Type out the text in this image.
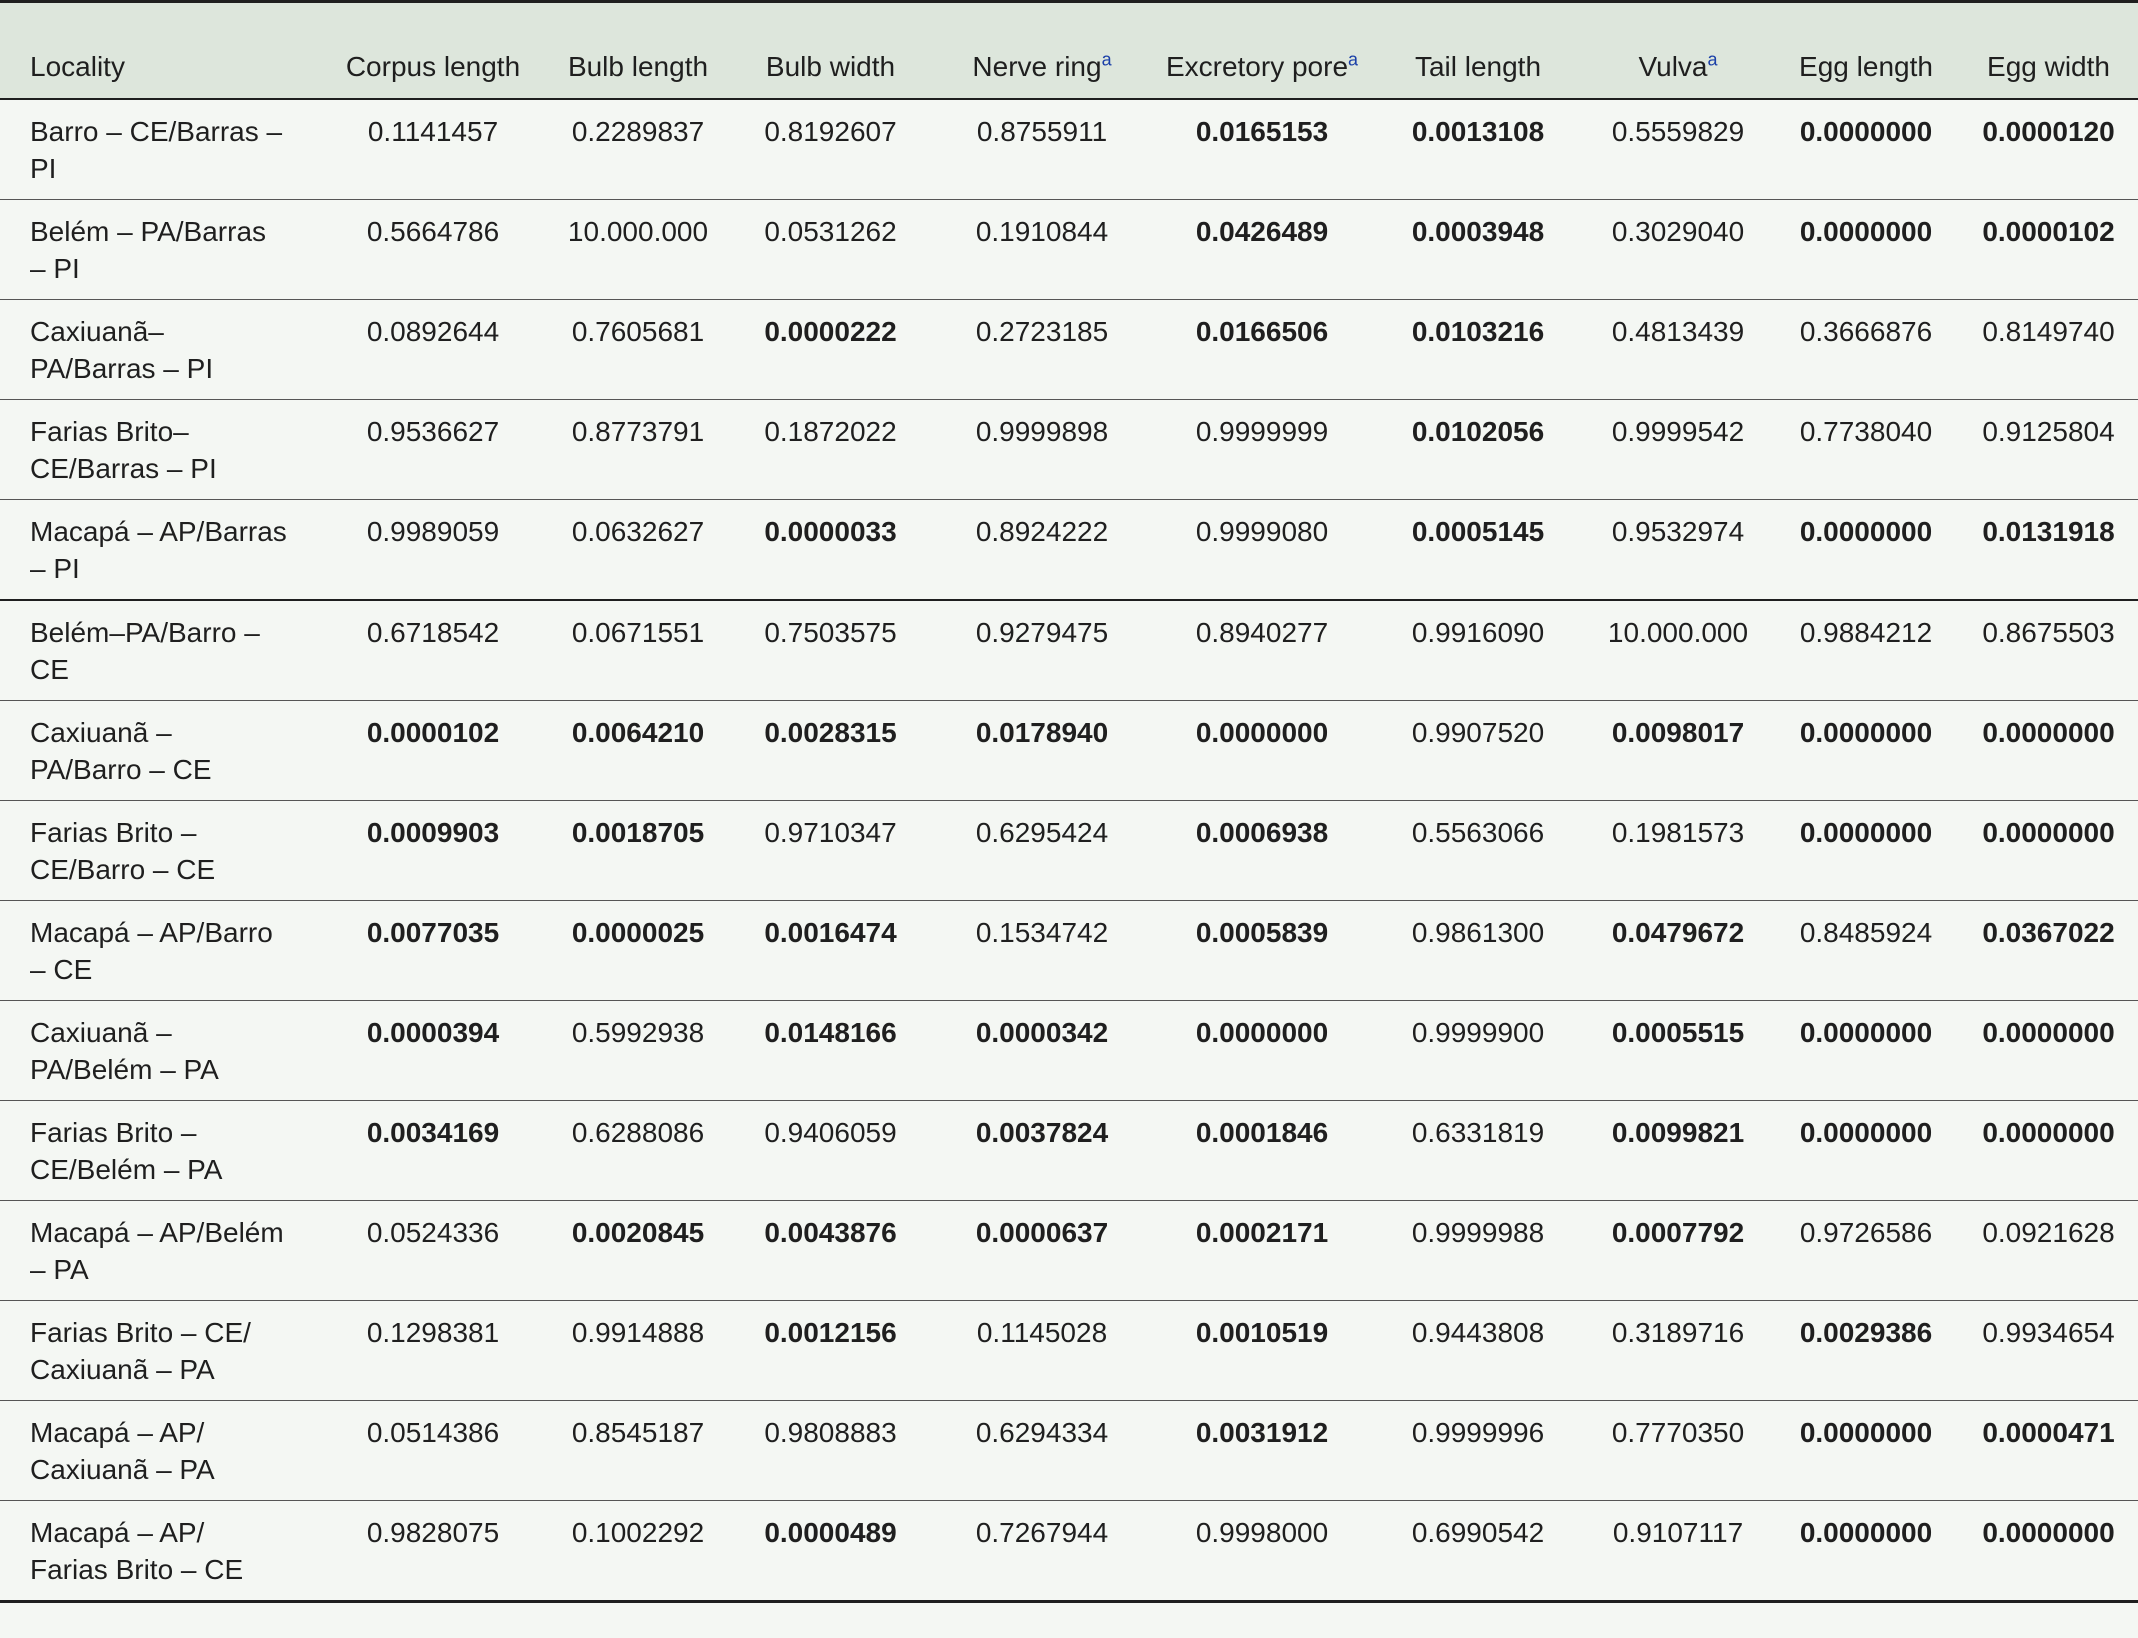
Locality	Corpus length	Bulb length	Bulb width	Nerve ring$^a$	Excretory pore$^a$	Tail length	Vulva$^a$	Egg length	Egg width
Barro – CE/Barras – PI	0.1141457	0.2289837	0.8192607	0.8755911	0.0165153	0.0013108	0.5559829	0.0000000	0.0000120
Belém – PA/Barras – PI	0.5664786	10.000.000	0.0531262	0.1910844	0.0426489	0.0003948	0.3029040	0.0000000	0.0000102
Caxiuanã–PA/Barras – PI	0.0892644	0.7605681	0.0000222	0.2723185	0.0166506	0.0103216	0.4813439	0.3666876	0.8149740
Farias Brito–CE/Barras – PI	0.9536627	0.8773791	0.1872022	0.9999898	0.9999999	0.0102056	0.9999542	0.7738040	0.9125804
Macapá – AP/Barras – PI	0.9989059	0.0632627	0.0000033	0.8924222	0.9999080	0.0005145	0.9532974	0.0000000	0.0131918
Belém–PA/Barro – CE	0.6718542	0.0671551	0.7503575	0.9279475	0.8940277	0.9916090	10.000.000	0.9884212	0.8675503
Caxiuanã – PA/Barro – CE	0.0000102	0.0064210	0.0028315	0.0178940	0.0000000	0.9907520	0.0098017	0.0000000	0.0000000
Farias Brito – CE/Barro – CE	0.0009903	0.0018705	0.9710347	0.6295424	0.0006938	0.5563066	0.1981573	0.0000000	0.0000000
Macapá – AP/Barro – CE	0.0077035	0.0000025	0.0016474	0.1534742	0.0005839	0.9861300	0.0479672	0.8485924	0.0367022
Caxiuanã – PA/Belém – PA	0.0000394	0.5992938	0.0148166	0.0000342	0.0000000	0.9999900	0.0005515	0.0000000	0.0000000
Farias Brito – CE/Belém – PA	0.0034169	0.6288086	0.9406059	0.0037824	0.0001846	0.6331819	0.0099821	0.0000000	0.0000000
Macapá – AP/Belém – PA	0.0524336	0.0020845	0.0043876	0.0000637	0.0002171	0.9999988	0.0007792	0.9726586	0.0921628
Farias Brito – CE/ Caxiuanã – PA	0.1298381	0.9914888	0.0012156	0.1145028	0.0010519	0.9443808	0.3189716	0.0029386	0.9934654
Macapá – AP/ Caxiuanã – PA	0.0514386	0.8545187	0.9808883	0.6294334	0.0031912	0.9999996	0.7770350	0.0000000	0.0000471
Macapá – AP/ Farias Brito – CE	0.9828075	0.1002292	0.0000489	0.7267944	0.9998000	0.6990542	0.9107117	0.0000000	0.0000000
